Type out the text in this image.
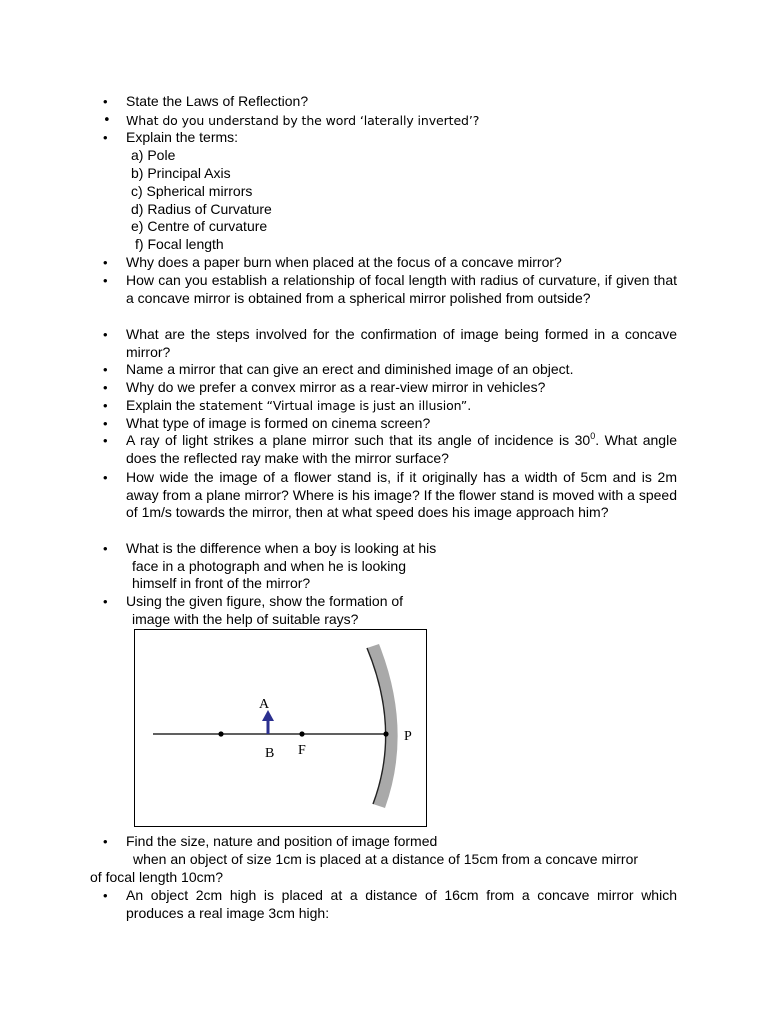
• State the Laws of Reflection?
• What do you understand by the word ‘laterally inverted’?
• Explain the terms:
a) Pole
b) Principal Axis
c) Spherical mirrors
d) Radius of Curvature
e) Centre of curvature
f) Focal length
• Why does a paper burn when placed at the focus of a concave mirror?
• How can you establish a relationship of focal length with radius of curvature, if given that a concave mirror is obtained from a spherical mirror polished from outside?
• What are the steps involved for the confirmation of image being formed in a concave mirror?
• Name a mirror that can give an erect and diminished image of an object.
• Why do we prefer a convex mirror as a rear-view mirror in vehicles?
• Explain the statement “Virtual image is just an illusion”.
• What type of image is formed on cinema screen?
• A ray of light strikes a plane mirror such that its angle of incidence is $30^0$. What angle does the reflected ray make with the mirror surface?
• How wide the image of a flower stand is, if it originally has a width of 5cm and is 2m away from a plane mirror? Where is his image? If the flower stand is moved with a speed of 1m/s towards the mirror, then at what speed does his image approach him?
• What is the difference when a boy is looking at his
face in a photograph and when he is looking
himself in front of the mirror?
• Using the given figure, show the formation of
image with the help of suitable rays?
A
B F
P
• Find the size, nature and position of image formed
when an object of size 1cm is placed at a distance of 15cm from a concave mirror
of focal length 10cm?
• An object 2cm high is placed at a distance of 16cm from a concave mirror which produces a real image 3cm high:
